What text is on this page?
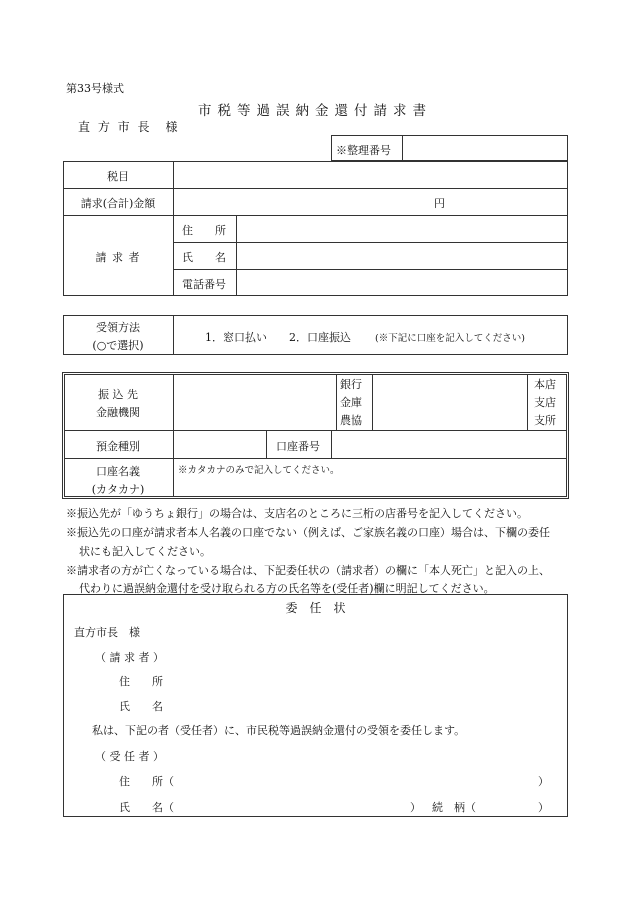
第33号様式
市税等過誤納金還付請求書
直 方 市 長　様
※整理番号
税目
請求(合計)金額	円
請 求 者
住　　所
氏　　名
電話番号
受領方法
(○で選択)
1．窓口払い　　2．口座振込	(※下記に口座を記入してください)
振 込 先
金融機関
銀行
金庫
農協
本店
支店
支所
預金種別	口座番号
口座名義
(カタカナ)
※カタカナのみで記入してください。
※振込先が「ゆうちょ銀行」の場合は、支店名のところに三桁の店番号を記入してください。
※振込先の口座が請求者本人名義の口座でない（例えば、ご家族名義の口座）場合は、下欄の委任
状にも記入してください。
※請求者の方が亡くなっている場合は、下記委任状の（請求者）の欄に「本人死亡」と記入の上、
代わりに過誤納金還付を受け取られる方の氏名等を(受任者)欄に明記してください。
委　任　状
直方市長　様
（ 請 求 者 ）
住　　所
氏　　名
私は、下記の者（受任者）に、市民税等過誤納金還付の受領を委任します。
（ 受 任 者 ）
住　　所（	）
氏　　名（	） 続　柄（	）
